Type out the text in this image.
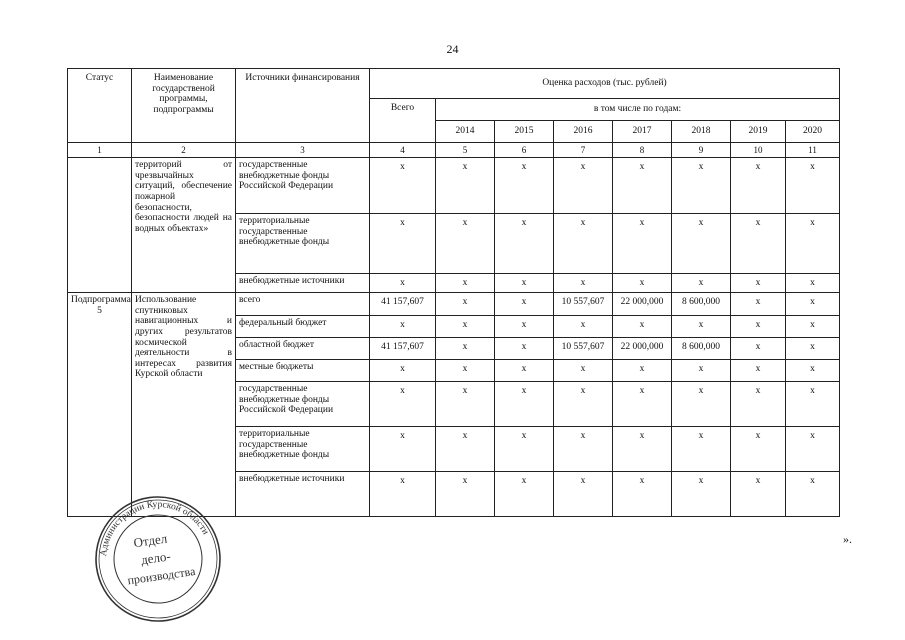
24
Статус	Наименование государственой программы, подпрограммы	Источники финансирования	Оценка расходов (тыс. рублей)							
			Всего	в том числе по годам:						
				2014	2015	2016	2017	2018	2019	2020
1	2	3	4	5	6	7	8	9	10	11
	территорий от чрезвычайных ситуаций, обеспечение пожарной безопасности, безопасности людей на водных объектах»	государственные внебюджетные фонды Российской Федерации	x	x	x	x	x	x	x	x
		территориальные государственные внебюджетные фонды	x	x	x	x	x	x	x	x
		внебюджетные источники	x	x	x	x	x	x	x	x
Подпрограмма 5	Использование спутниковых навигационных и других результатов космической деятельности в интересах развития Курской области	всего	41 157,607	x	x	10 557,607	22 000,000	8 600,000	x	x
		федеральный бюджет	x	x	x	x	x	x	x	x
		областной бюджет	41 157,607	x	x	10 557,607	22 000,000	8 600,000	x	x
		местные бюджеты	x	x	x	x	x	x	x	x
		государственные внебюджетные фонды Российской Федерации	x	x	x	x	x	x	x	x
		территориальные государственные внебюджетные фонды	x	x	x	x	x	x	x	x
		внебюджетные источники	x	x	x	x	x	x	x	x
».
Администрации Курской области
Отдел
дело-
производства
